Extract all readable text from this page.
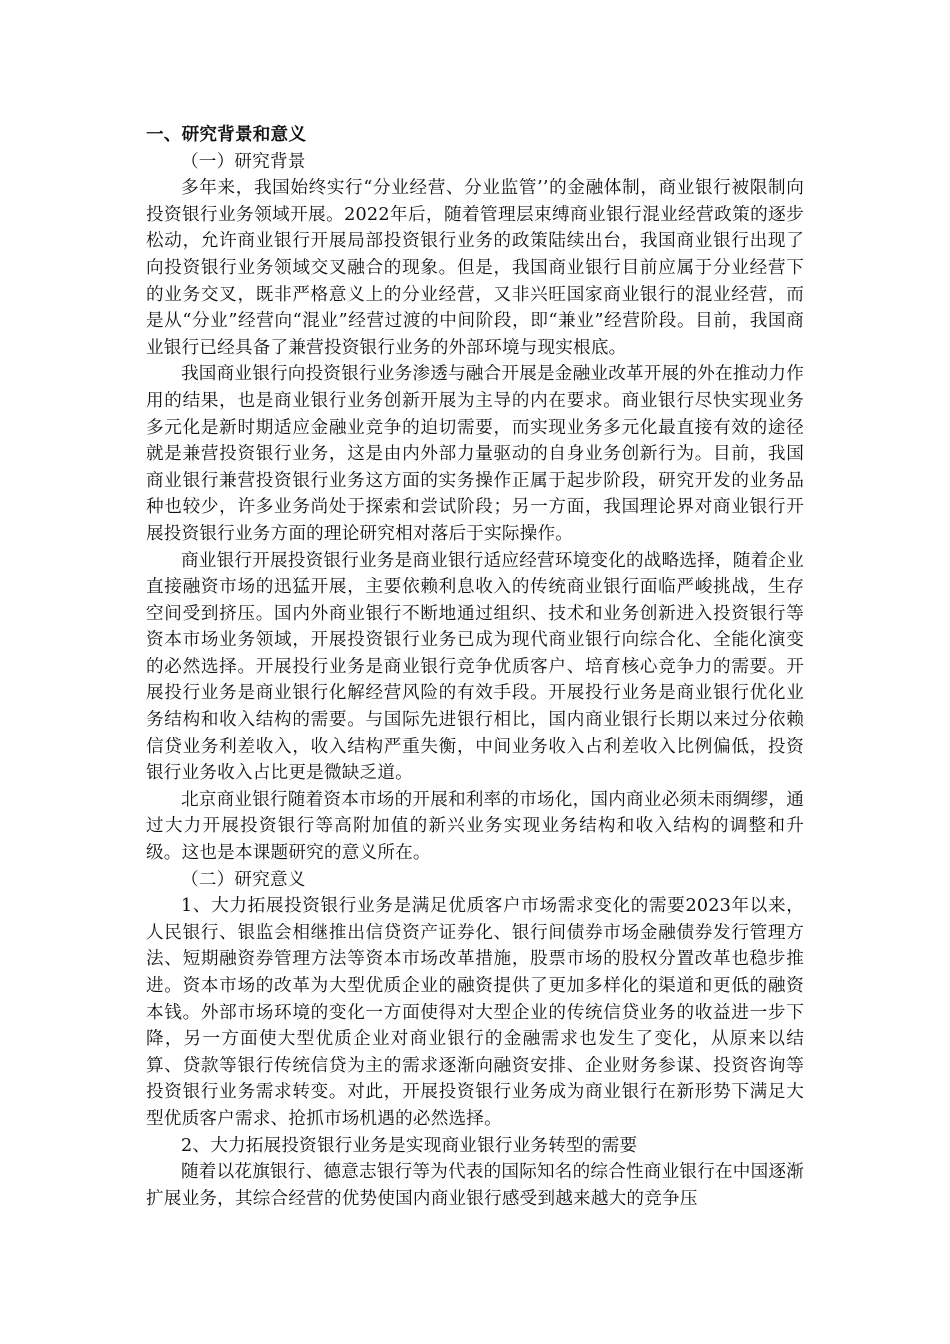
一、研究背景和意义

（一）研究背景

多年来，我国始终实行“分业经营、分业监管’’的金融体制，商业银行被限制向投资银行业务领域开展。2022年后，随着管理层束缚商业银行混业经营政策的逐步松动，允许商业银行开展局部投资银行业务的政策陆续出台，我国商业银行出现了向投资银行业务领域交叉融合的现象。但是，我国商业银行目前应属于分业经营下的业务交叉，既非严格意义上的分业经营，又非兴旺国家商业银行的混业经营，而是从“分业”经营向“混业”经营过渡的中间阶段，即“兼业”经营阶段。目前，我国商业银行已经具备了兼营投资银行业务的外部环境与现实根底。

我国商业银行向投资银行业务渗透与融合开展是金融业改革开展的外在推动力作用的结果，也是商业银行业务创新开展为主导的内在要求。商业银行尽快实现业务多元化是新时期适应金融业竞争的迫切需要，而实现业务多元化最直接有效的途径就是兼营投资银行业务，这是由内外部力量驱动的自身业务创新行为。目前，我国商业银行兼营投资银行业务这方面的实务操作正属于起步阶段，研究开发的业务品种也较少，许多业务尚处于探索和尝试阶段；另一方面，我国理论界对商业银行开展投资银行业务方面的理论研究相对落后于实际操作。

商业银行开展投资银行业务是商业银行适应经营环境变化的战略选择，随着企业直接融资市场的迅猛开展，主要依赖利息收入的传统商业银行面临严峻挑战，生存空间受到挤压。国内外商业银行不断地通过组织、技术和业务创新进入投资银行等资本市场业务领域，开展投资银行业务已成为现代商业银行向综合化、全能化演变的必然选择。开展投行业务是商业银行竞争优质客户、培育核心竞争力的需要。开展投行业务是商业银行化解经营风险的有效手段。开展投行业务是商业银行优化业务结构和收入结构的需要。与国际先进银行相比，国内商业银行长期以来过分依赖信贷业务利差收入，收入结构严重失衡，中间业务收入占利差收入比例偏低，投资银行业务收入占比更是微缺乏道。

北京商业银行随着资本市场的开展和利率的市场化，国内商业必须未雨绸缪，通过大力开展投资银行等高附加值的新兴业务实现业务结构和收入结构的调整和升级。这也是本课题研究的意义所在。

（二）研究意义

1、大力拓展投资银行业务是满足优质客户市场需求变化的需要2023年以来，人民银行、银监会相继推出信贷资产证券化、银行间债券市场金融债券发行管理方法、短期融资券管理方法等资本市场改革措施，股票市场的股权分置改革也稳步推进。资本市场的改革为大型优质企业的融资提供了更加多样化的渠道和更低的融资本钱。外部市场环境的变化一方面使得对大型企业的传统信贷业务的收益进一步下降，另一方面使大型优质企业对商业银行的金融需求也发生了变化，从原来以结算、贷款等银行传统信贷为主的需求逐渐向融资安排、企业财务参谋、投资咨询等投资银行业务需求转变。对此，开展投资银行业务成为商业银行在新形势下满足大型优质客户需求、抢抓市场机遇的必然选择。

2、大力拓展投资银行业务是实现商业银行业务转型的需要

随着以花旗银行、德意志银行等为代表的国际知名的综合性商业银行在中国逐渐扩展业务，其综合经营的优势使国内商业银行感受到越来越大的竞争压
